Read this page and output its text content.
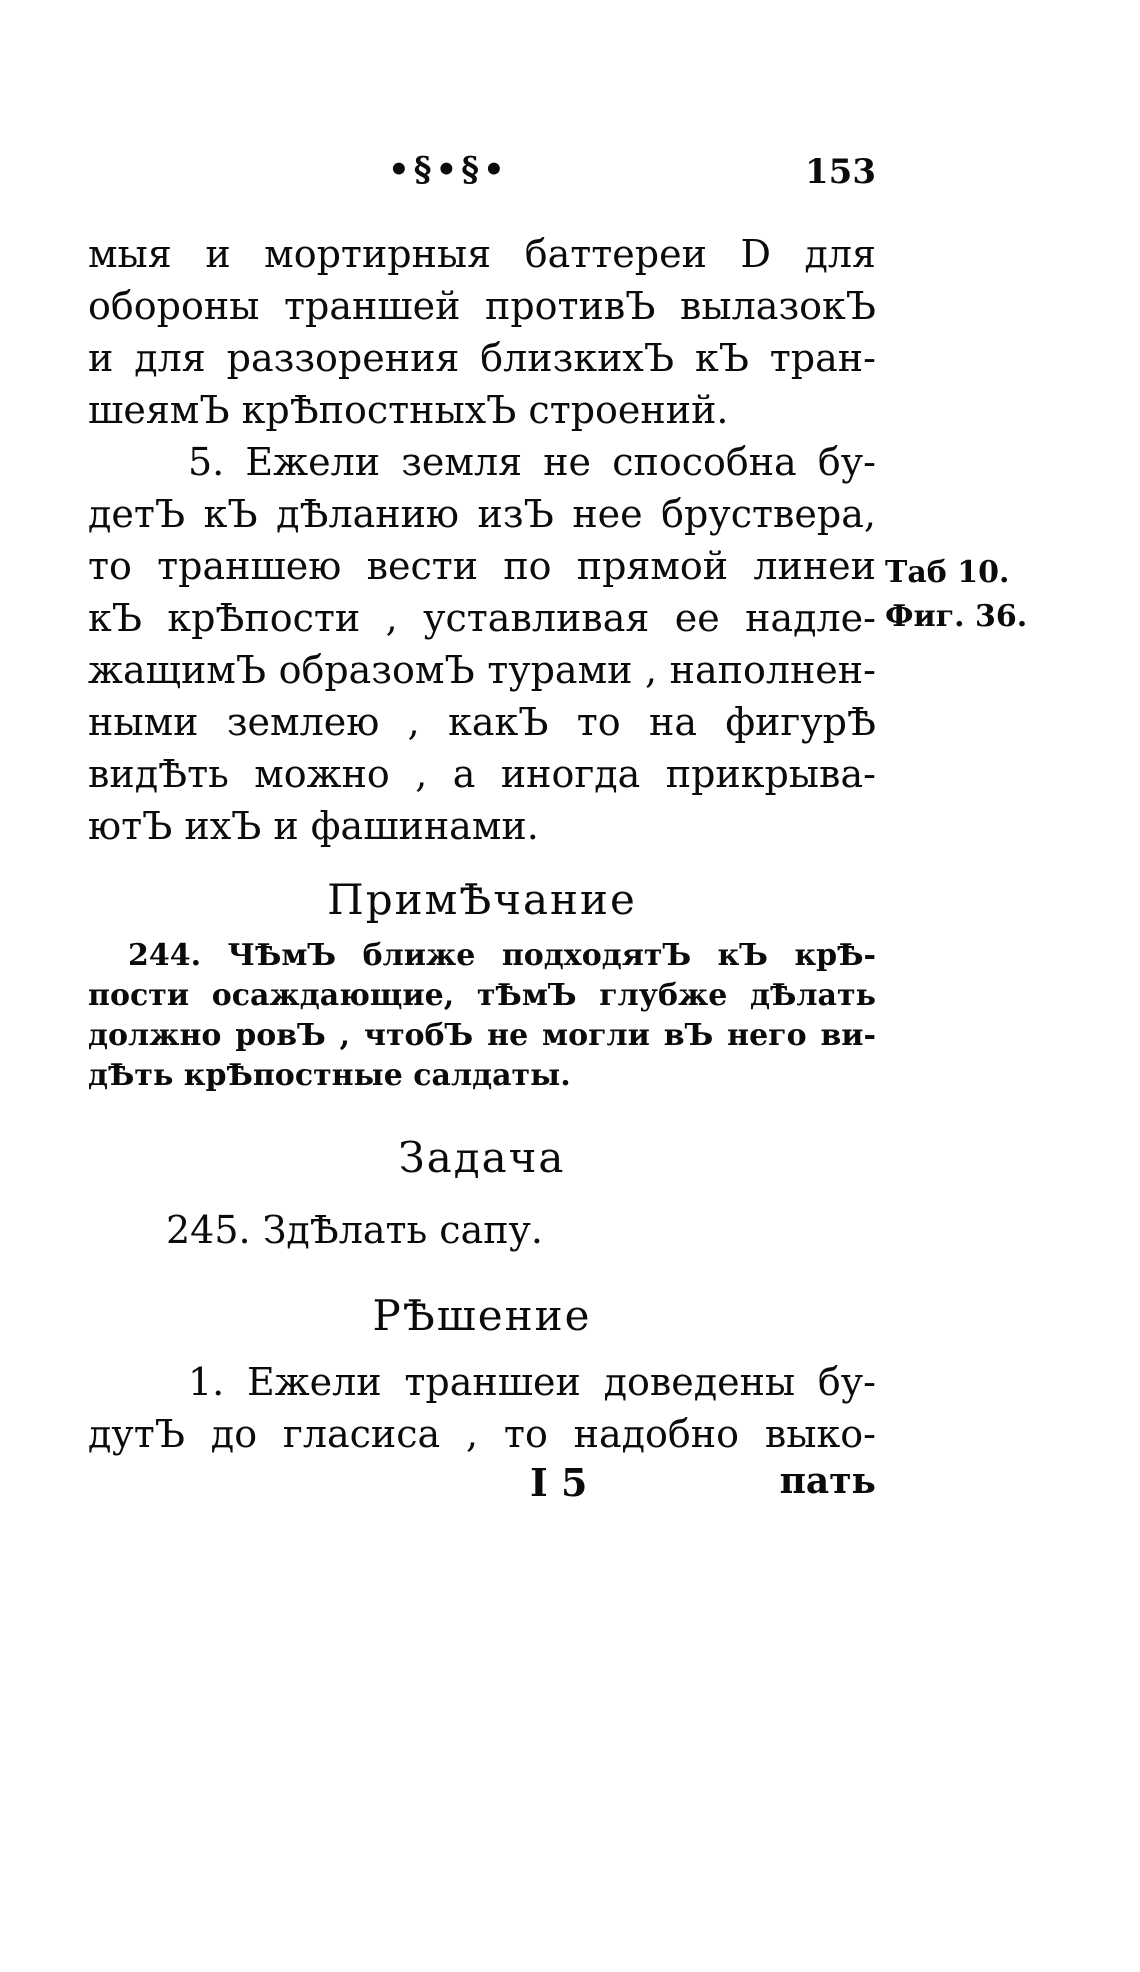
•§•§•	153
мыя и мортирныя баттереи D для
обороны траншей противЪ вылазокЪ
и для раззорения близкихЪ кЪ тран-
шеямЪ крѢпостныхЪ строений.
5. Ежели земля не способна бу-
детЪ кЪ дѢланию изЪ нее бруствера,
то траншею вести по прямой линеи
кЪ крѢпости , уставливая ее надле-
жащимЪ образомЪ турами , наполнен-
ными землею , какЪ то на фигурѢ
видѢть можно , а иногда прикрыва-
ютЪ ихЪ и фашинами.
Таб 10.
Фиг. 36.
ПримѢчание
244. ЧѢмЪ ближе подходятЪ кЪ крѢ-
пости осаждающие, тѢмЪ глубже дѢлать
должно ровЪ , чтобЪ не могли вЪ него ви-
дѢть крѢпостные салдаты.
Задача
245. ЗдѢлать сапу.
РѢшение
1. Ежели траншеи доведены бу-
дутЪ до гласиса , то надобно выко-
I 5	пать
